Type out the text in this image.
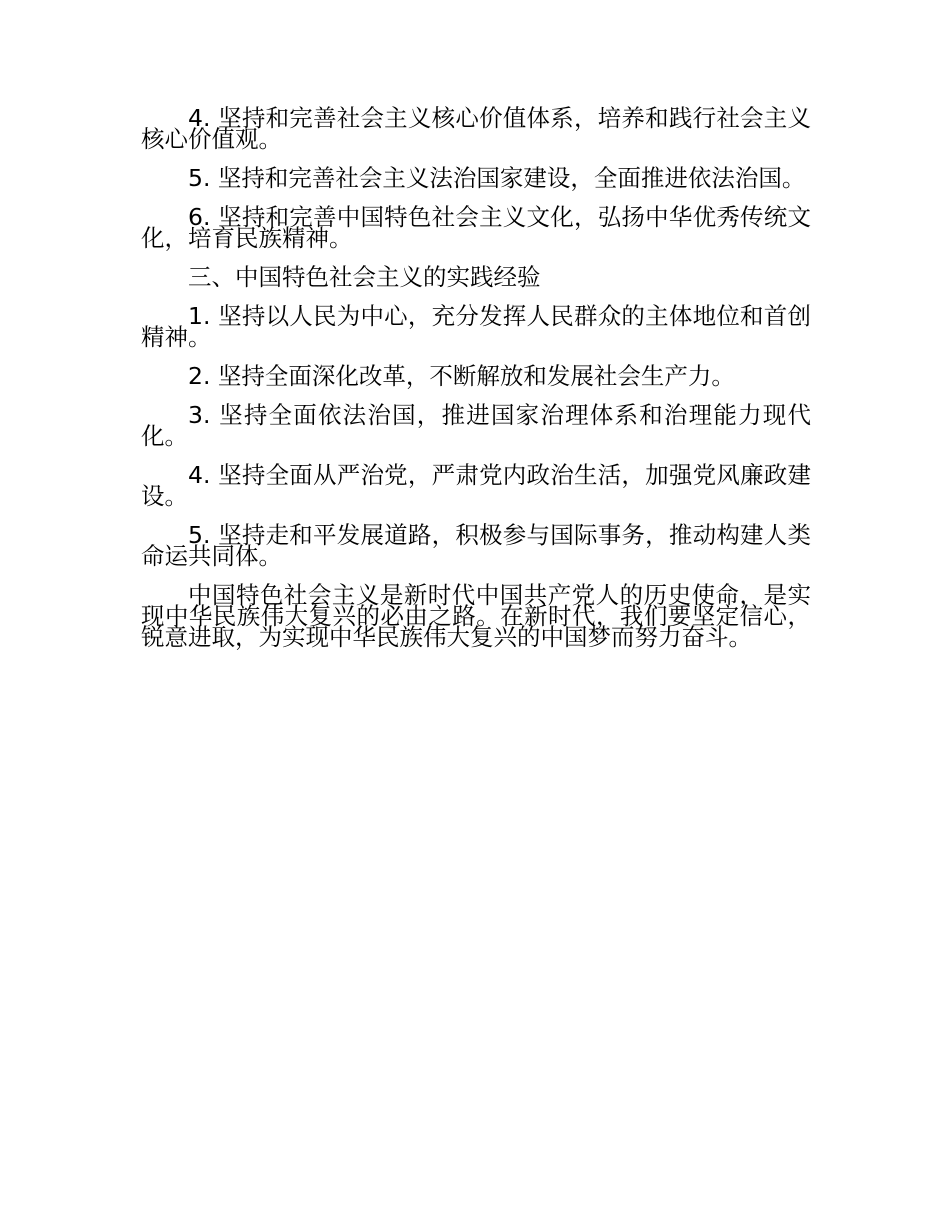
4. 坚持和完善社会主义核心价值体系，培养和践行社会主义核心价值观。

5. 坚持和完善社会主义法治国家建设，全面推进依法治国。

6. 坚持和完善中国特色社会主义文化，弘扬中华优秀传统文化，培育民族精神。

三、中国特色社会主义的实践经验

1. 坚持以人民为中心，充分发挥人民群众的主体地位和首创精神。

2. 坚持全面深化改革，不断解放和发展社会生产力。

3. 坚持全面依法治国，推进国家治理体系和治理能力现代化。

4. 坚持全面从严治党，严肃党内政治生活，加强党风廉政建设。

5. 坚持走和平发展道路，积极参与国际事务，推动构建人类命运共同体。

中国特色社会主义是新时代中国共产党人的历史使命，是实现中华民族伟大复兴的必由之路。在新时代，我们要坚定信心，锐意进取，为实现中华民族伟大复兴的中国梦而努力奋斗。
